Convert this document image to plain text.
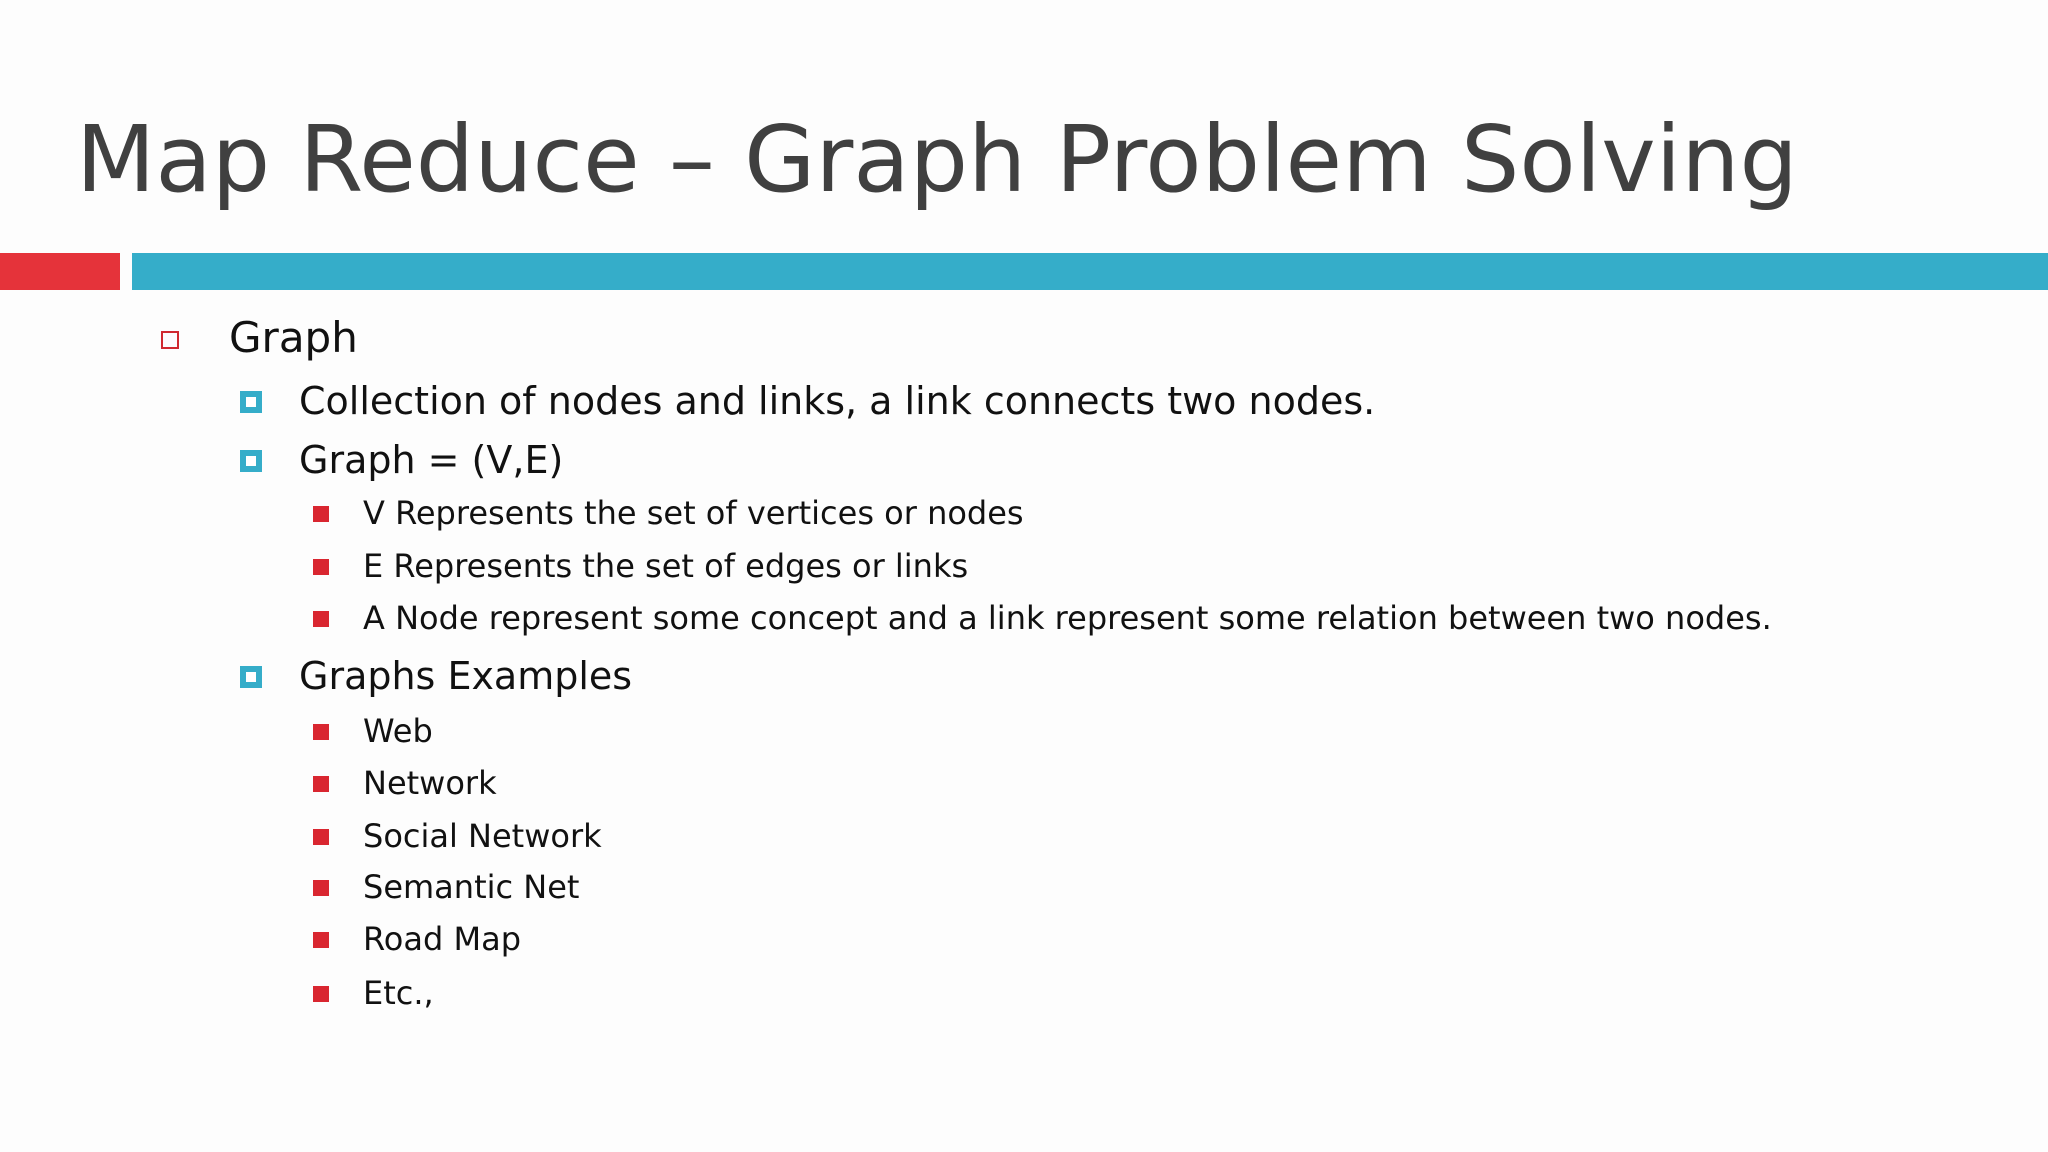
Map Reduce – Graph Problem Solving
Graph
Collection of nodes and links, a link connects two nodes.
Graph = (V,E)
V Represents the set of vertices or nodes
E Represents the set of edges or links
A Node represent some concept and a link represent some relation between two nodes.
Graphs Examples
Web
Network
Social Network
Semantic Net
Road Map
Etc.,
